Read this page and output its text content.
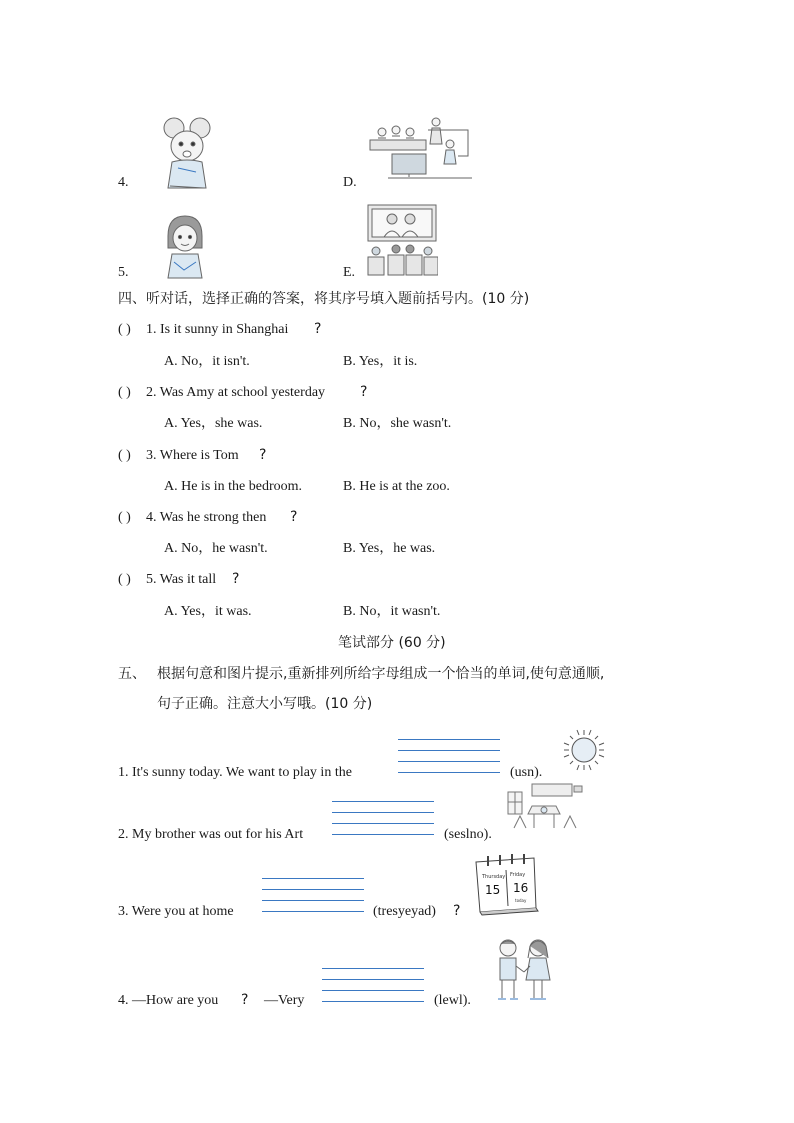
4.	D.
5.	E.
四、听对话，选择正确的答案，将其序号填入题前括号内。(10 分)
( ) 1. Is it sunny in Shanghai ?
A. No，it isn't.	B. Yes，it is.
( ) 2. Was Amy at school yesterday ?
A. Yes，she was.	B. No，she wasn't.
( ) 3. Where is Tom ?
A. He is in the bedroom.	B. He is at the zoo.
( ) 4. Was he strong then ?
A. No，he wasn't.	B. Yes，he was.
( ) 5. Was it tall ?
A. Yes，it was.	B. No，it wasn't.
笔试部分 (60 分)
五、 根据句意和图片提示,重新排列所给字母组成一个恰当的单词,使句意通顺,
句子正确。注意大小写哦。(10 分)
1. It's sunny today. We want to play in the	(usn).
2. My brother was out for his Art	(seslno).
3. Were you at home	(tresyeyad) ?
Thursday Friday
15 16
today
4. —How are you ? —Very	(lewl).
